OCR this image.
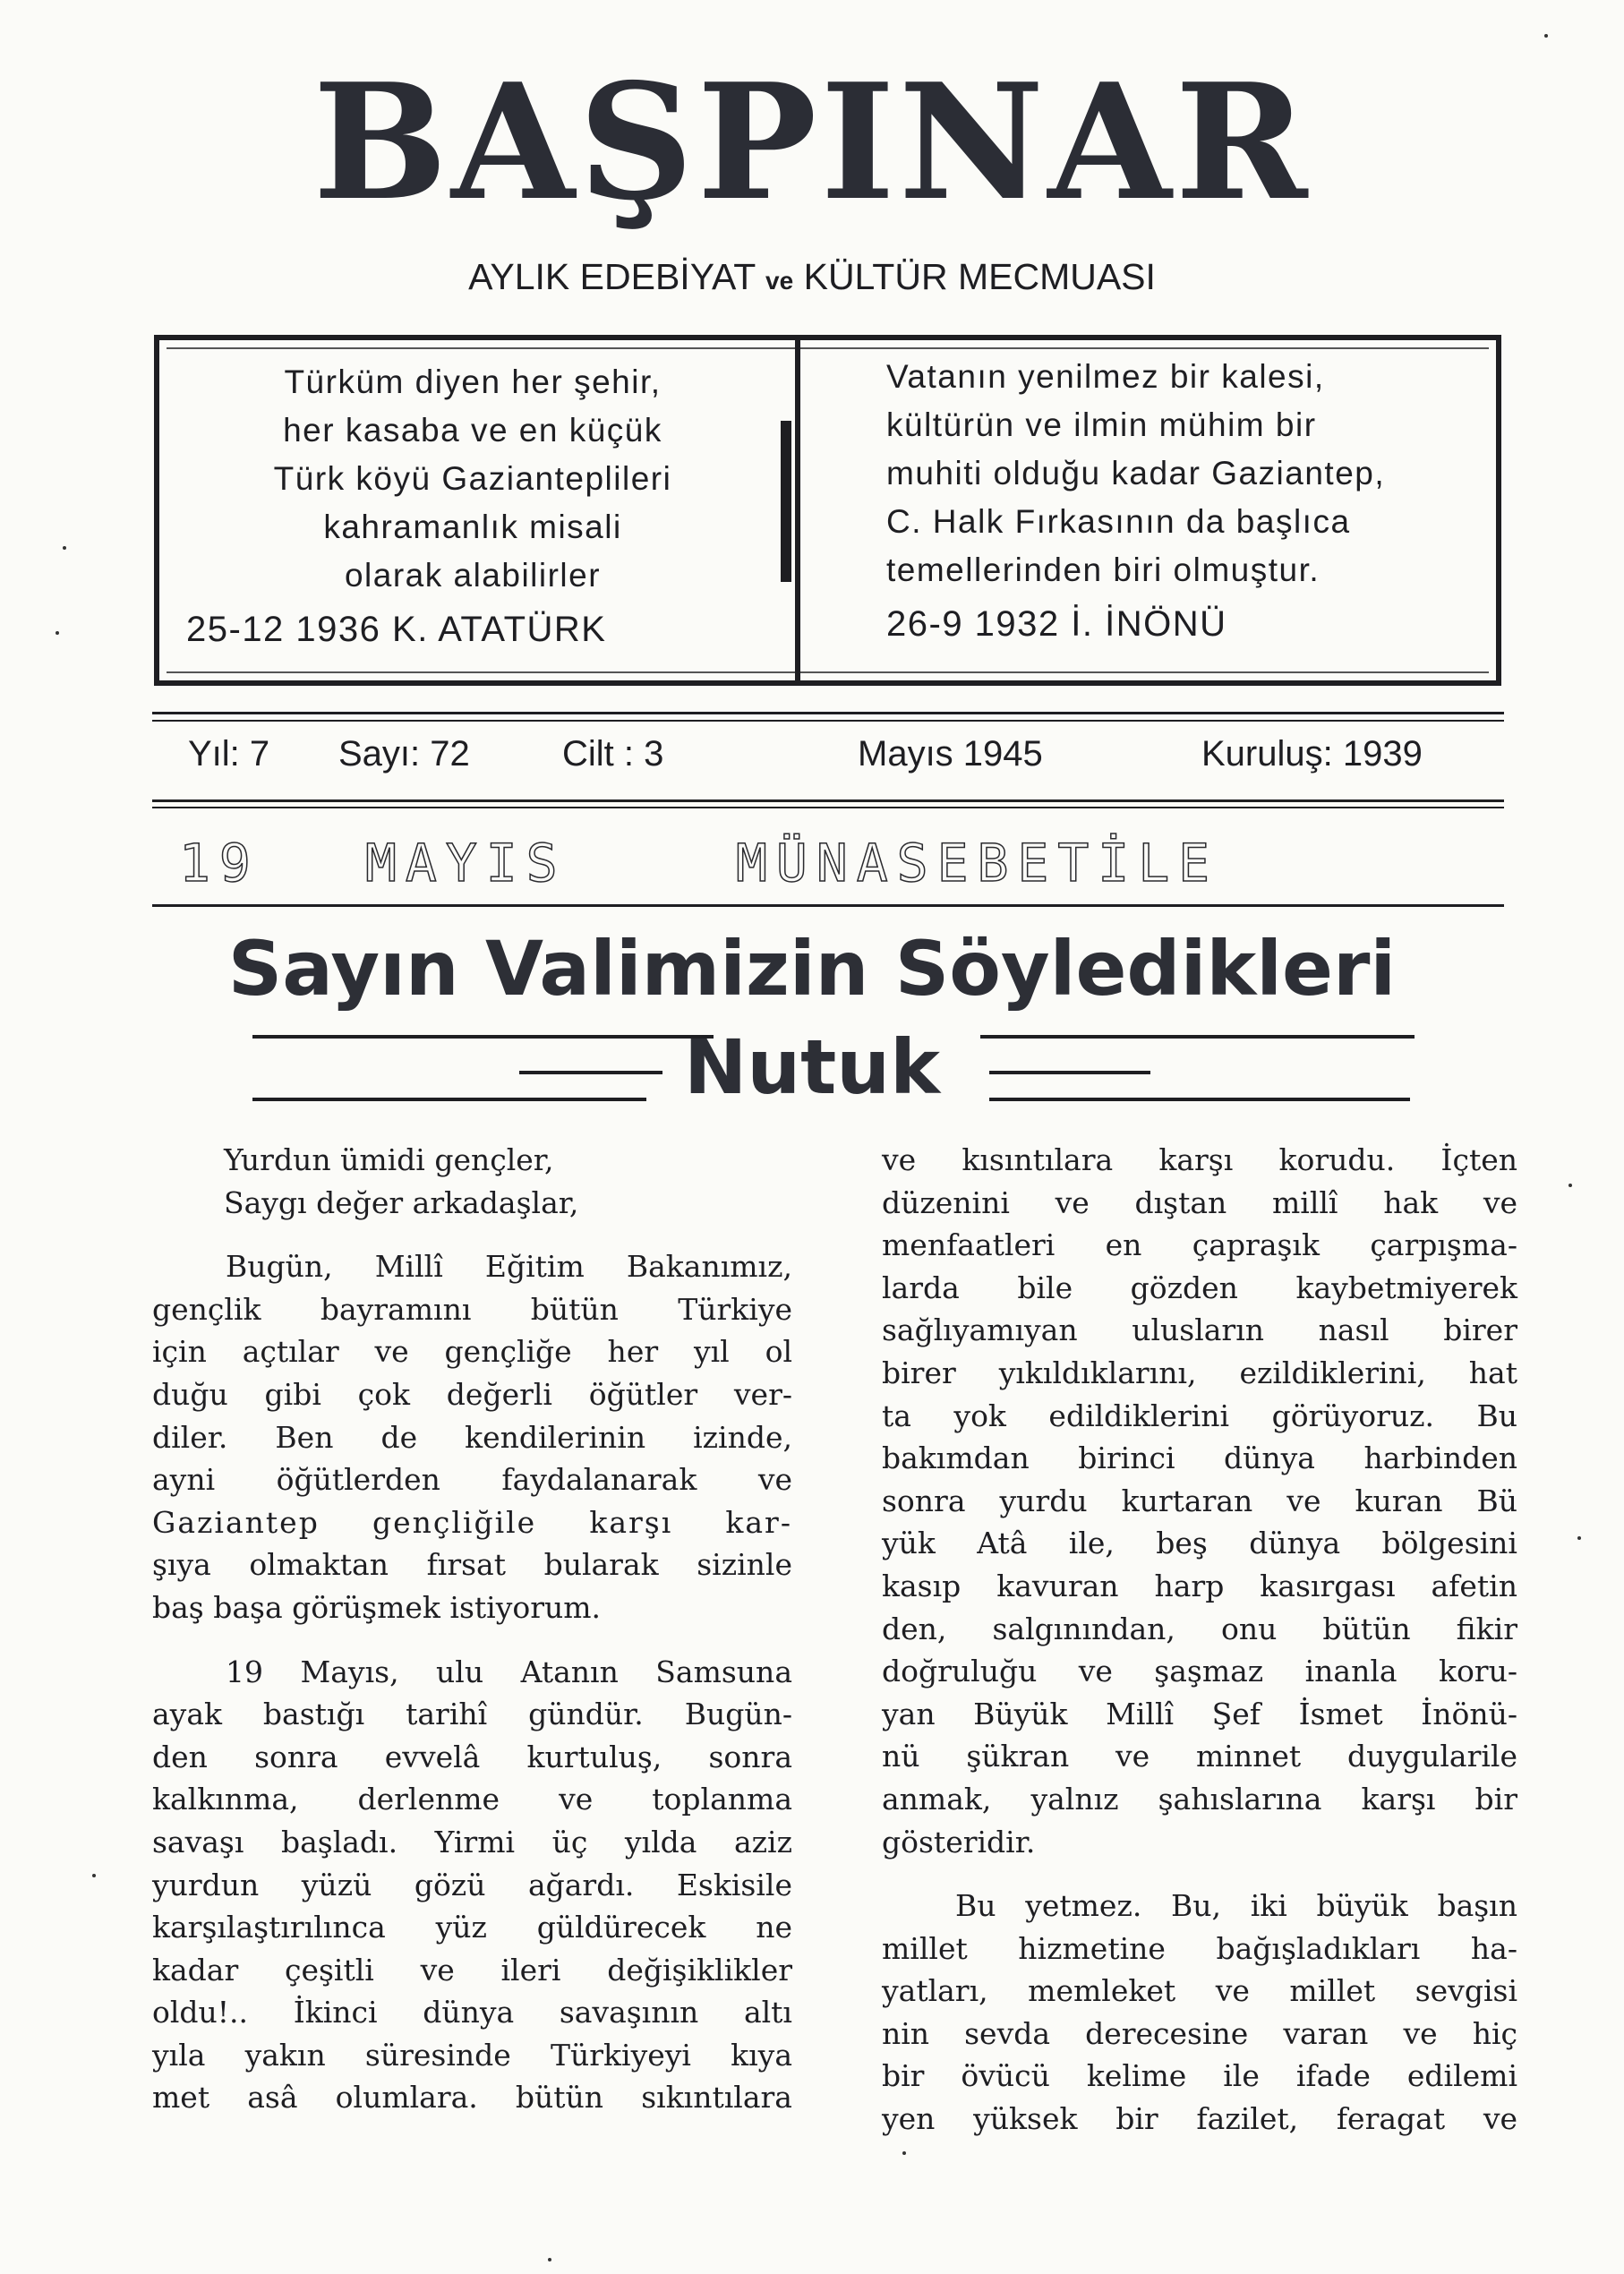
BAŞPINAR
AYLIK EDEBİYAT ve KÜLTÜR MECMUASI
Türküm diyen her şehir,
her kasaba ve en küçük
Türk köyü Gazianteplileri
kahramanlık misali
olarak alabilirler
25-12 1936 K. ATATÜRK
Vatanın yenilmez bir kalesi,
kültürün ve ilmin mühim bir
muhiti olduğu kadar Gaziantep,
C. Halk Fırkasının da başlıca
temellerinden biri olmuştur.
26-9 1932 İ. İNÖNÜ
Yıl: 7 Sayı: 72	Cilt : 3	Mayıs 1945	Kuruluş: 1939
19 MAYIS	MÜNASEBETİLE
Sayın Valimizin Söyledikleri
Nutuk
Yurdun ümidi gençler,
Saygı değer arkadaşlar,
Bugün, Millî Eğitim Bakanımız,
gençlik bayramını bütün Türkiye
için açtılar ve gençliğe her yıl ol
duğu gibi çok değerli öğütler ver-
diler. Ben de kendilerinin izinde,
ayni öğütlerden faydalanarak ve
Gaziantep gençliğile karşı kar-
şıya olmaktan fırsat bularak sizinle
baş başa görüşmek istiyorum.
19 Mayıs, ulu Atanın Samsuna
ayak bastığı tarihî gündür. Bugün-
den sonra evvelâ kurtuluş, sonra
kalkınma, derlenme ve toplanma
savaşı başladı. Yirmi üç yılda aziz
yurdun yüzü gözü ağardı. Eskisile
karşılaştırılınca yüz güldürecek ne
kadar çeşitli ve ileri değişiklikler
oldu!.. İkinci dünya savaşının altı
yıla yakın süresinde Türkiyeyi kıya
met asâ olumlara. bütün sıkıntılara
ve kısıntılara karşı korudu. İçten
düzenini ve dıştan millî hak ve
menfaatleri en çapraşık çarpışma-
larda bile gözden kaybetmiyerek
sağlıyamıyan ulusların nasıl birer
birer yıkıldıklarını, ezildiklerini, hat
ta yok edildiklerini görüyoruz. Bu
bakımdan birinci dünya harbinden
sonra yurdu kurtaran ve kuran Bü
yük Atâ ile, beş dünya bölgesini
kasıp kavuran harp kasırgası afetin
den, salgınından, onu bütün fikir
doğruluğu ve şaşmaz inanla koru-
yan Büyük Millî Şef İsmet İnönü-
nü şükran ve minnet duygularile
anmak, yalnız şahıslarına karşı bir
gösteridir.
Bu yetmez. Bu, iki büyük başın
millet hizmetine bağışladıkları ha-
yatları, memleket ve millet sevgisi
nin sevda derecesine varan ve hiç
bir övücü kelime ile ifade edilemi
yen yüksek bir fazilet, feragat ve
